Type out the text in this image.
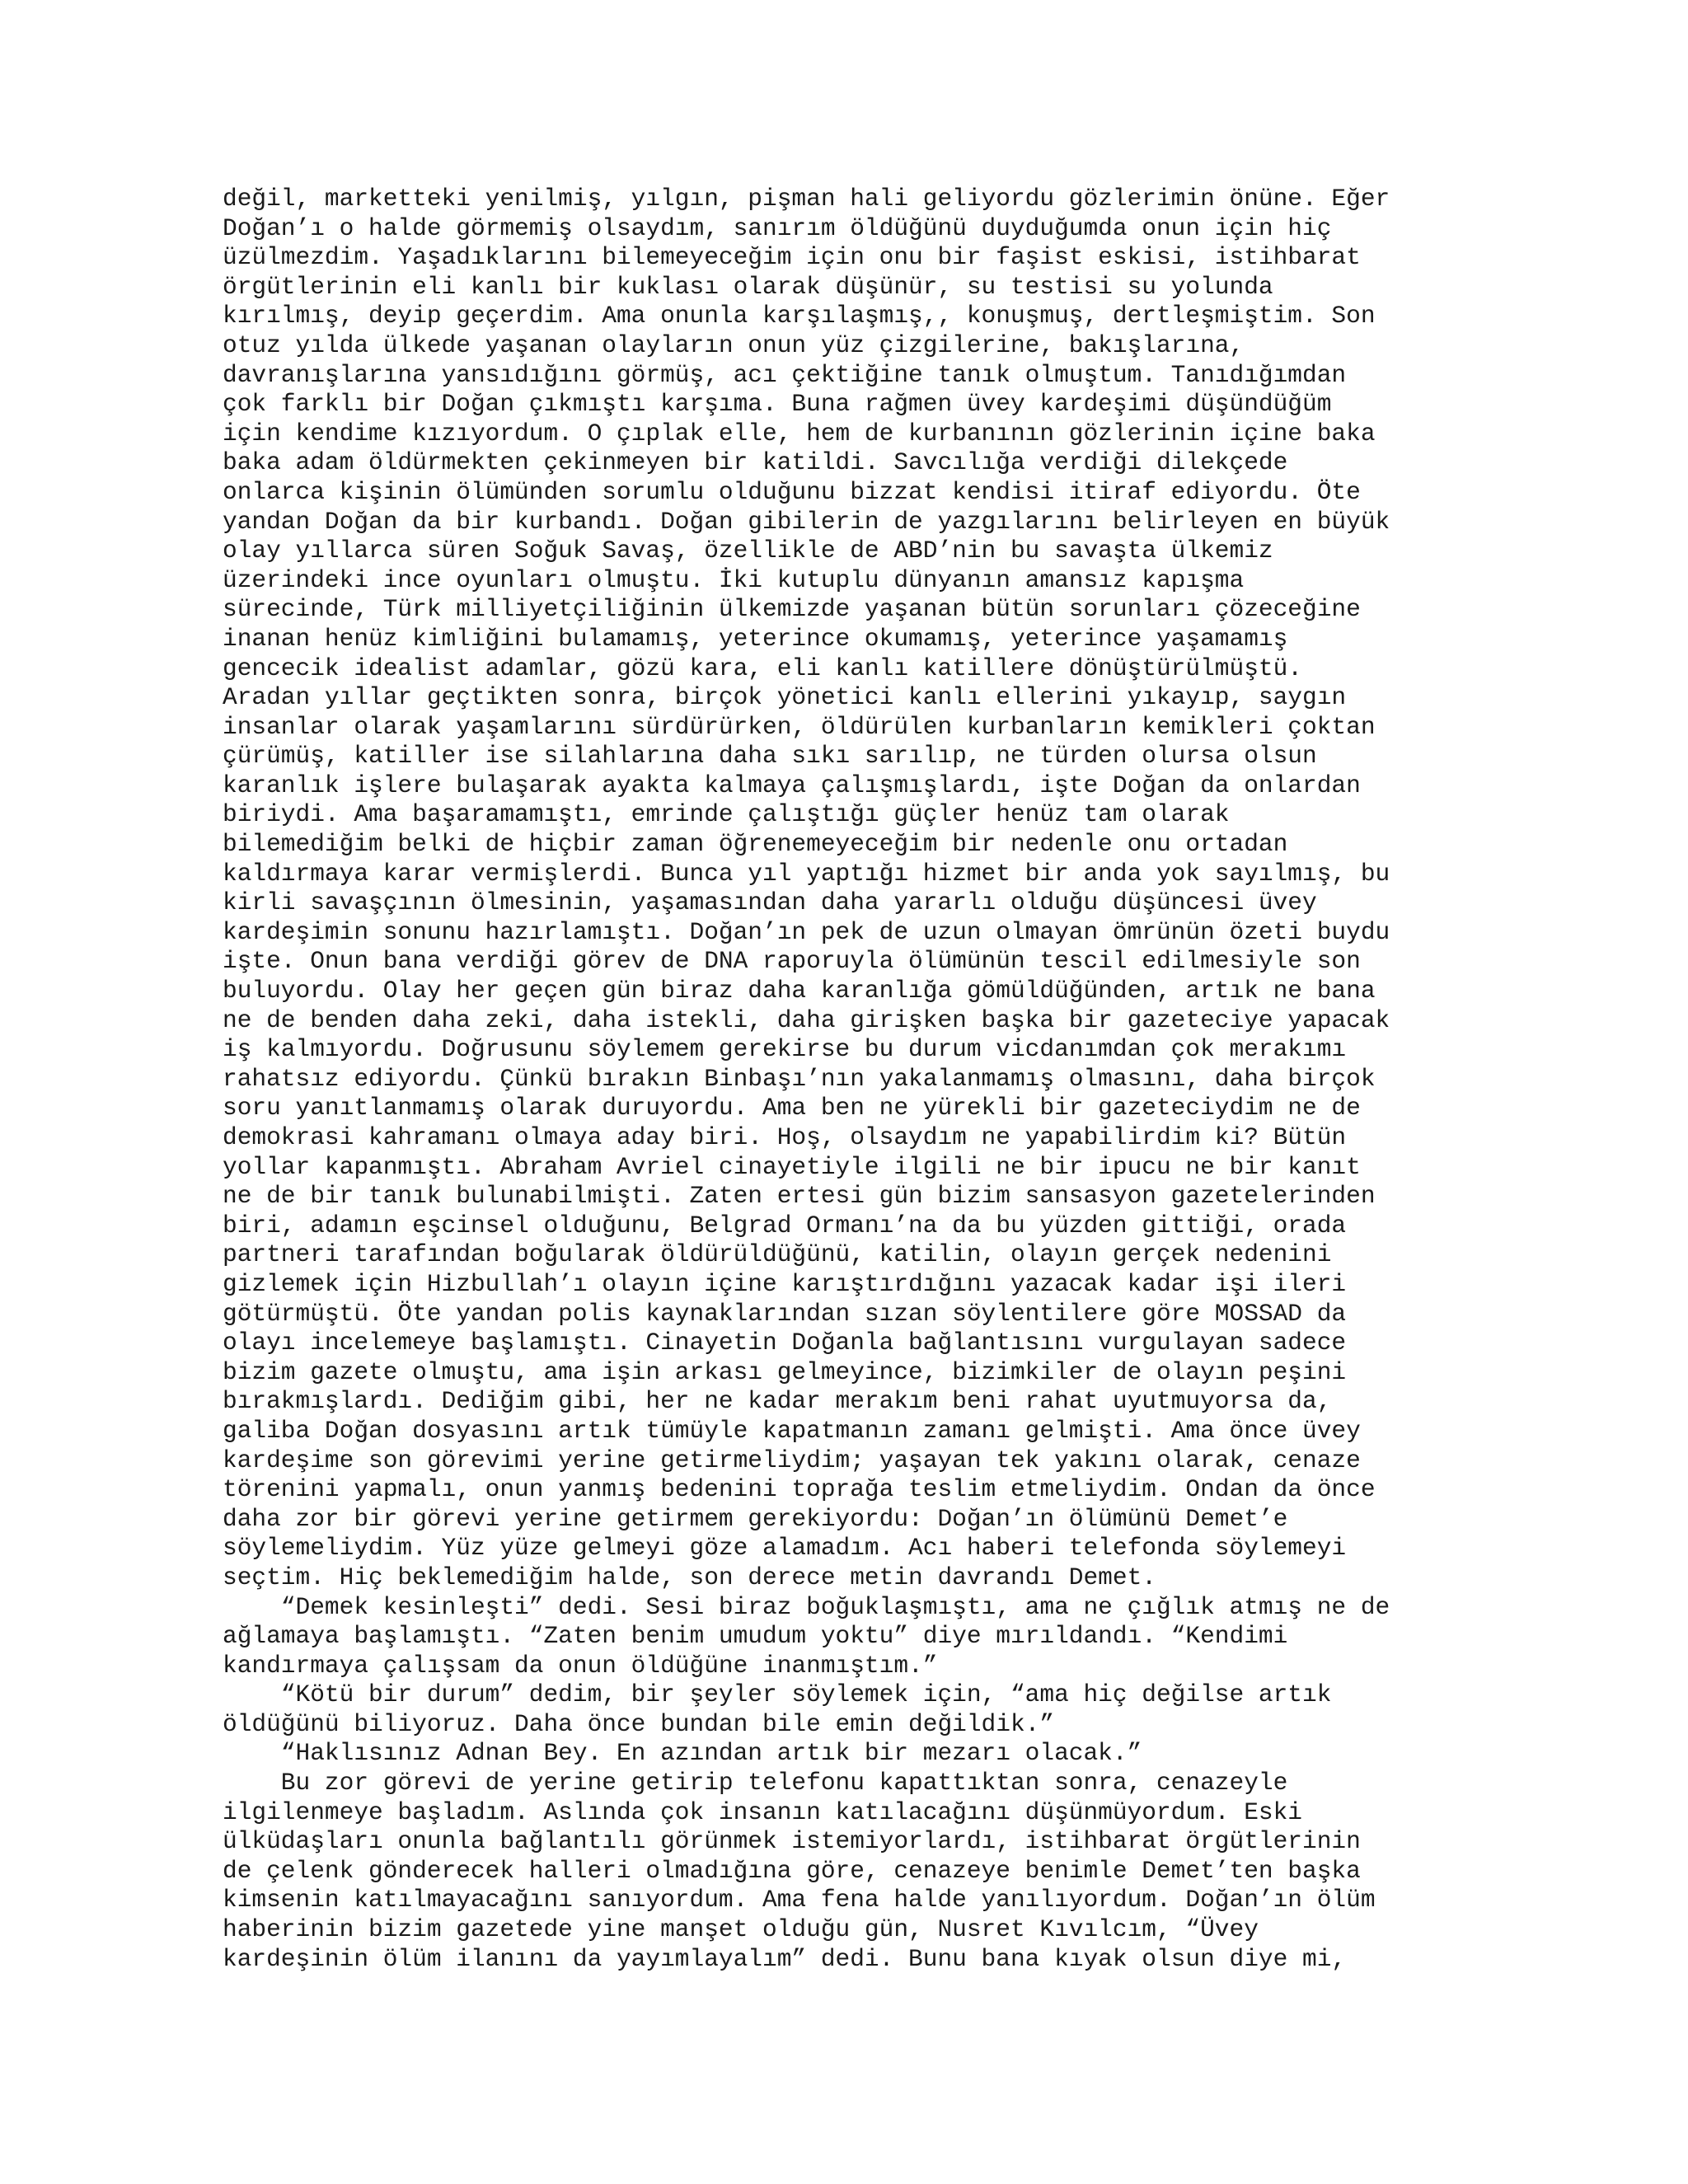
değil, marketteki yenilmiş, yılgın, pişman hali geliyordu gözlerimin önüne. Eğer
Doğan’ı o halde görmemiş olsaydım, sanırım öldüğünü duyduğumda onun için hiç
üzülmezdim. Yaşadıklarını bilemeyeceğim için onu bir faşist eskisi, istihbarat
örgütlerinin eli kanlı bir kuklası olarak düşünür, su testisi su yolunda
kırılmış, deyip geçerdim. Ama onunla karşılaşmış,, konuşmuş, dertleşmiştim. Son
otuz yılda ülkede yaşanan olayların onun yüz çizgilerine, bakışlarına,
davranışlarına yansıdığını görmüş, acı çektiğine tanık olmuştum. Tanıdığımdan
çok farklı bir Doğan çıkmıştı karşıma. Buna rağmen üvey kardeşimi düşündüğüm
için kendime kızıyordum. O çıplak elle, hem de kurbanının gözlerinin içine baka
baka adam öldürmekten çekinmeyen bir katildi. Savcılığa verdiği dilekçede
onlarca kişinin ölümünden sorumlu olduğunu bizzat kendisi itiraf ediyordu. Öte
yandan Doğan da bir kurbandı. Doğan gibilerin de yazgılarını belirleyen en büyük
olay yıllarca süren Soğuk Savaş, özellikle de ABD’nin bu savaşta ülkemiz
üzerindeki ince oyunları olmuştu. İki kutuplu dünyanın amansız kapışma
sürecinde, Türk milliyetçiliğinin ülkemizde yaşanan bütün sorunları çözeceğine
inanan henüz kimliğini bulamamış, yeterince okumamış, yeterince yaşamamış
gencecik idealist adamlar, gözü kara, eli kanlı katillere dönüştürülmüştü.
Aradan yıllar geçtikten sonra, birçok yönetici kanlı ellerini yıkayıp, saygın
insanlar olarak yaşamlarını sürdürürken, öldürülen kurbanların kemikleri çoktan
çürümüş, katiller ise silahlarına daha sıkı sarılıp, ne türden olursa olsun
karanlık işlere bulaşarak ayakta kalmaya çalışmışlardı, işte Doğan da onlardan
biriydi. Ama başaramamıştı, emrinde çalıştığı güçler henüz tam olarak
bilemediğim belki de hiçbir zaman öğrenemeyeceğim bir nedenle onu ortadan
kaldırmaya karar vermişlerdi. Bunca yıl yaptığı hizmet bir anda yok sayılmış, bu
kirli savaşçının ölmesinin, yaşamasından daha yararlı olduğu düşüncesi üvey
kardeşimin sonunu hazırlamıştı. Doğan’ın pek de uzun olmayan ömrünün özeti buydu
işte. Onun bana verdiği görev de DNA raporuyla ölümünün tescil edilmesiyle son
buluyordu. Olay her geçen gün biraz daha karanlığa gömüldüğünden, artık ne bana
ne de benden daha zeki, daha istekli, daha girişken başka bir gazeteciye yapacak
iş kalmıyordu. Doğrusunu söylemem gerekirse bu durum vicdanımdan çok merakımı
rahatsız ediyordu. Çünkü bırakın Binbaşı’nın yakalanmamış olmasını, daha birçok
soru yanıtlanmamış olarak duruyordu. Ama ben ne yürekli bir gazeteciydim ne de
demokrasi kahramanı olmaya aday biri. Hoş, olsaydım ne yapabilirdim ki? Bütün
yollar kapanmıştı. Abraham Avriel cinayetiyle ilgili ne bir ipucu ne bir kanıt
ne de bir tanık bulunabilmişti. Zaten ertesi gün bizim sansasyon gazetelerinden
biri, adamın eşcinsel olduğunu, Belgrad Ormanı’na da bu yüzden gittiği, orada
partneri tarafından boğularak öldürüldüğünü, katilin, olayın gerçek nedenini
gizlemek için Hizbullah’ı olayın içine karıştırdığını yazacak kadar işi ileri
götürmüştü. Öte yandan polis kaynaklarından sızan söylentilere göre MOSSAD da
olayı incelemeye başlamıştı. Cinayetin Doğanla bağlantısını vurgulayan sadece
bizim gazete olmuştu, ama işin arkası gelmeyince, bizimkiler de olayın peşini
bırakmışlardı. Dediğim gibi, her ne kadar merakım beni rahat uyutmuyorsa da,
galiba Doğan dosyasını artık tümüyle kapatmanın zamanı gelmişti. Ama önce üvey
kardeşime son görevimi yerine getirmeliydim; yaşayan tek yakını olarak, cenaze
törenini yapmalı, onun yanmış bedenini toprağa teslim etmeliydim. Ondan da önce
daha zor bir görevi yerine getirmem gerekiyordu: Doğan’ın ölümünü Demet’e
söylemeliydim. Yüz yüze gelmeyi göze alamadım. Acı haberi telefonda söylemeyi
seçtim. Hiç beklemediğim halde, son derece metin davrandı Demet.
“Demek kesinleşti” dedi. Sesi biraz boğuklaşmıştı, ama ne çığlık atmış ne de
ağlamaya başlamıştı. “Zaten benim umudum yoktu” diye mırıldandı. “Kendimi
kandırmaya çalışsam da onun öldüğüne inanmıştım.”
“Kötü bir durum” dedim, bir şeyler söylemek için, “ama hiç değilse artık
öldüğünü biliyoruz. Daha önce bundan bile emin değildik.”
“Haklısınız Adnan Bey. En azından artık bir mezarı olacak.”
Bu zor görevi de yerine getirip telefonu kapattıktan sonra, cenazeyle
ilgilenmeye başladım. Aslında çok insanın katılacağını düşünmüyordum. Eski
ülküdaşları onunla bağlantılı görünmek istemiyorlardı, istihbarat örgütlerinin
de çelenk gönderecek halleri olmadığına göre, cenazeye benimle Demet’ten başka
kimsenin katılmayacağını sanıyordum. Ama fena halde yanılıyordum. Doğan’ın ölüm
haberinin bizim gazetede yine manşet olduğu gün, Nusret Kıvılcım, “Üvey
kardeşinin ölüm ilanını da yayımlayalım” dedi. Bunu bana kıyak olsun diye mi,
